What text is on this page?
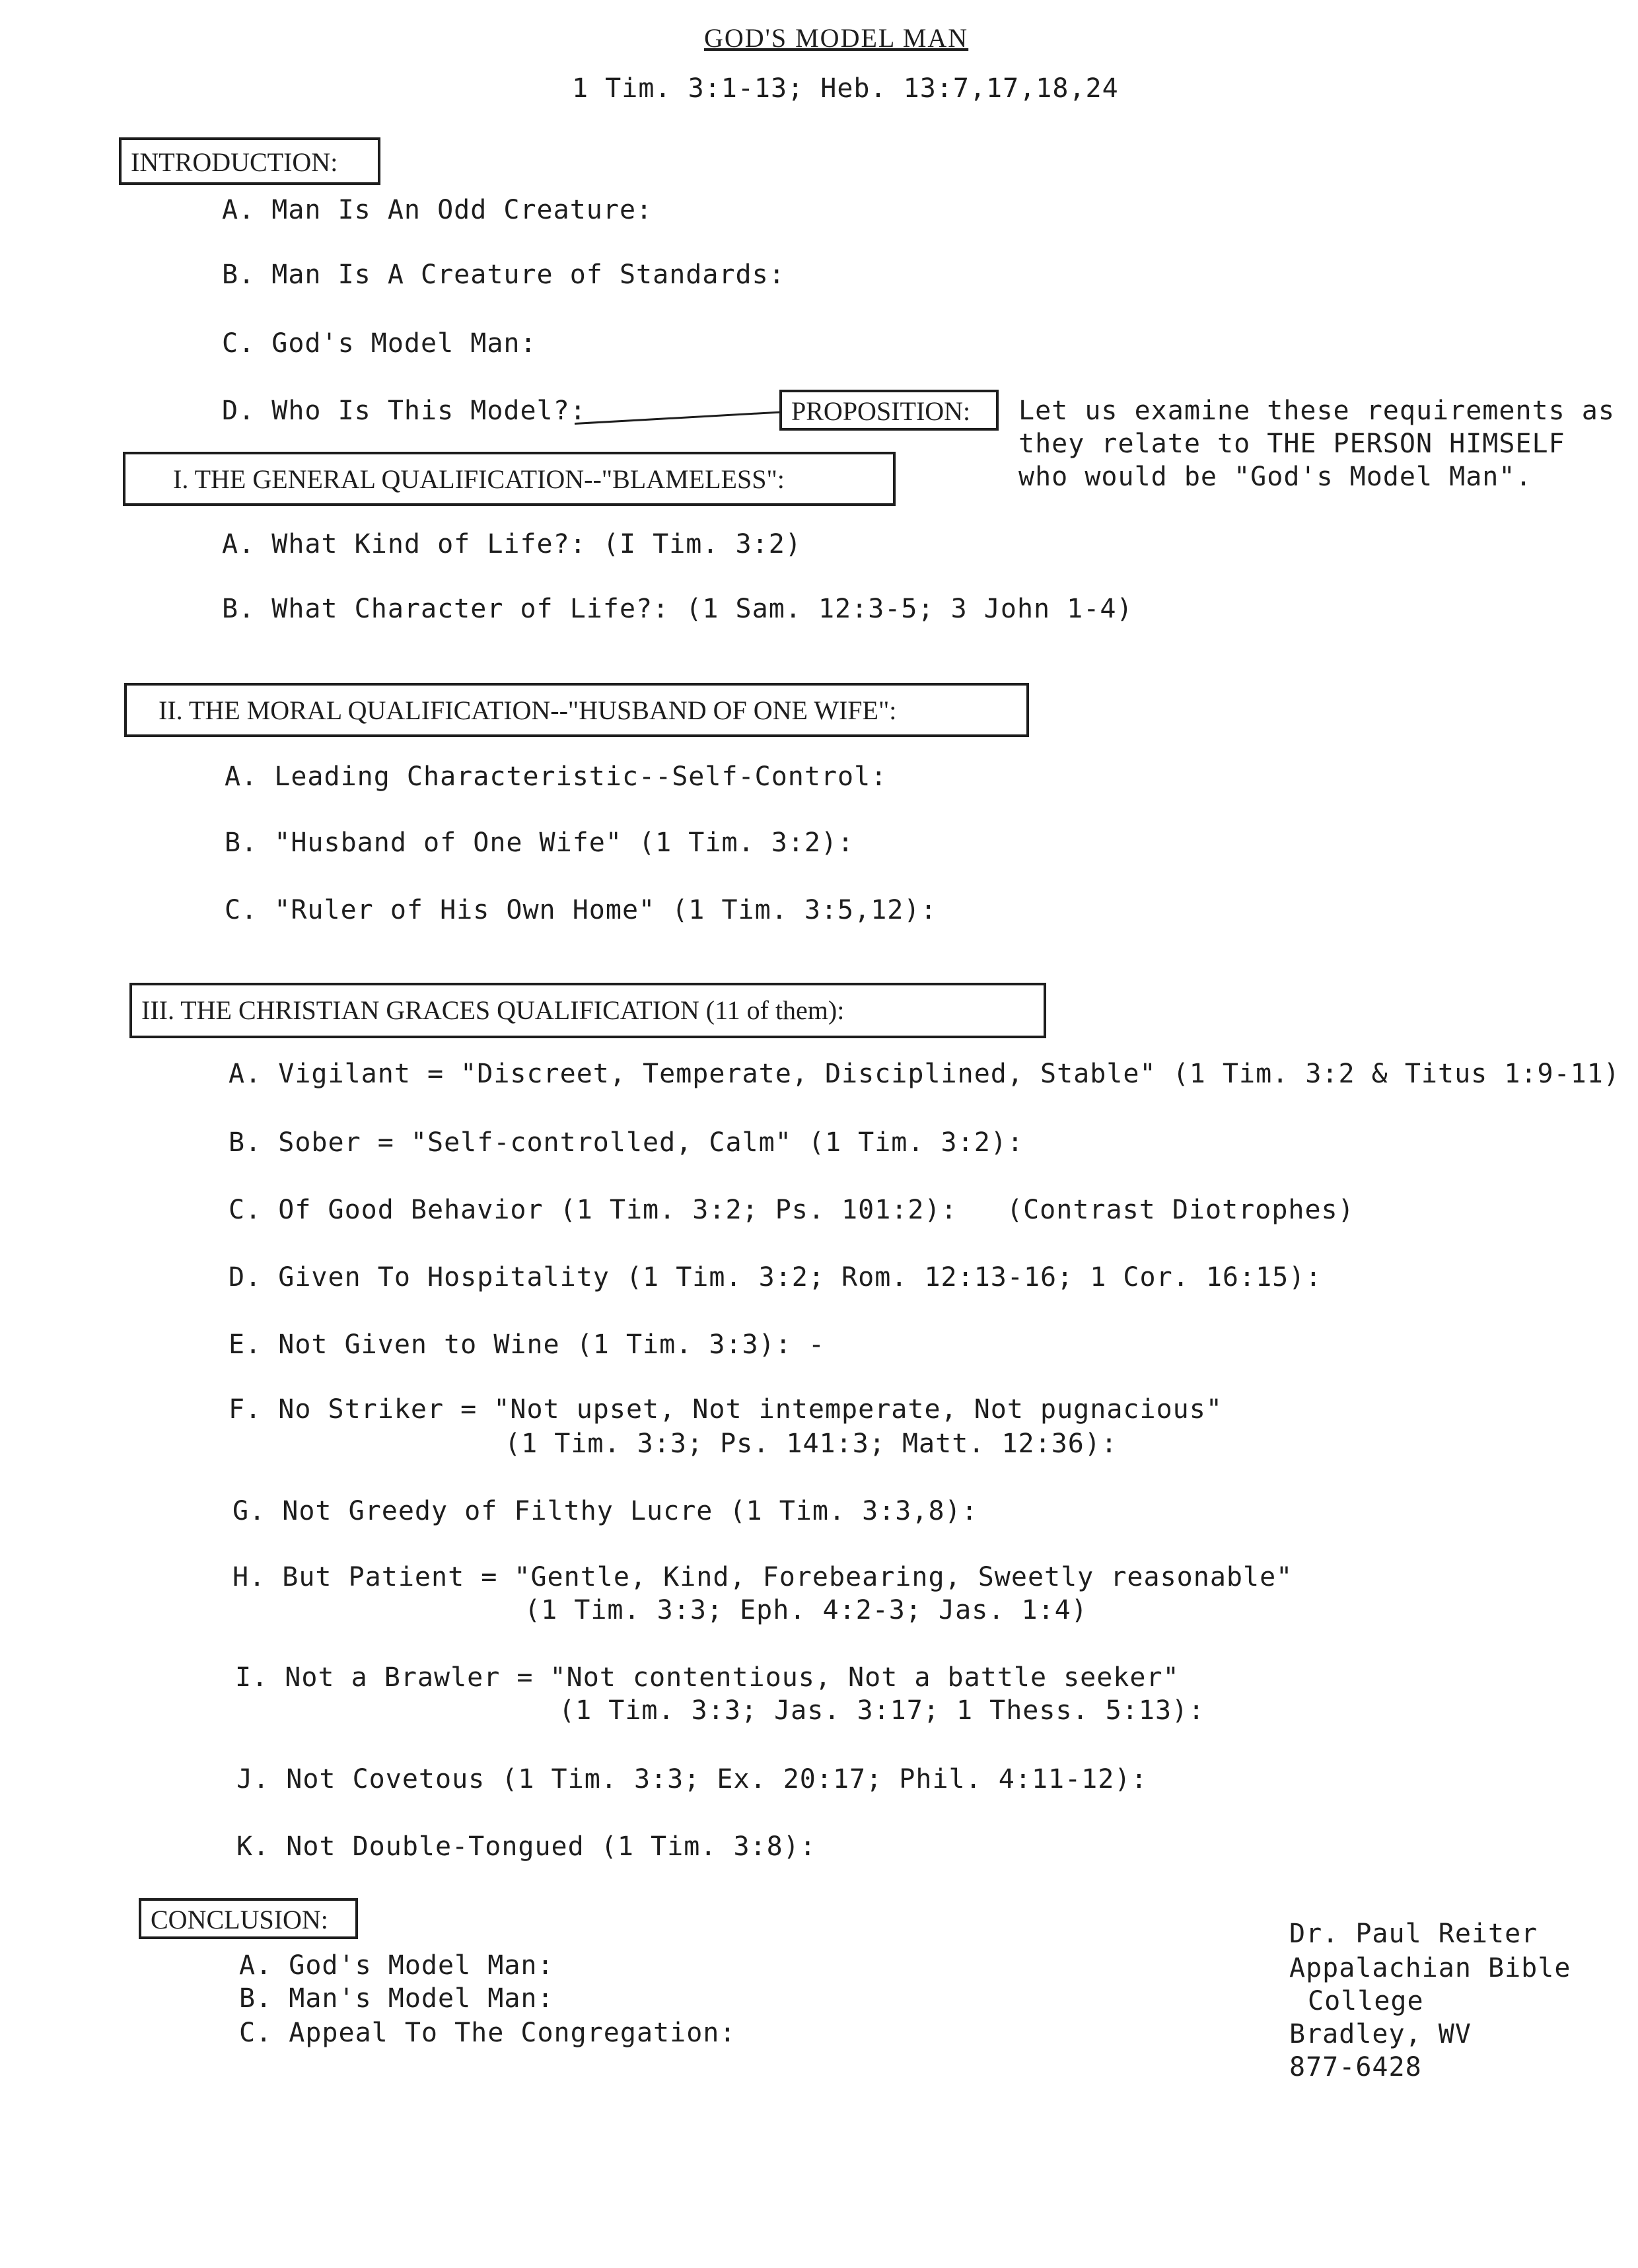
GOD'S MODEL MAN
1 Tim. 3:1-13; Heb. 13:7,17,18,24
INTRODUCTION:
A. Man Is An Odd Creature:
B. Man Is A Creature of Standards:
C. God's Model Man:
D. Who Is This Model?:	PROPOSITION:	Let us examine these requirements as
they relate to THE PERSON HIMSELF
who would be "God's Model Man".
I. THE GENERAL QUALIFICATION--"BLAMELESS":
A. What Kind of Life?: (I Tim. 3:2)
B. What Character of Life?: (1 Sam. 12:3-5; 3 John 1-4)
II. THE MORAL QUALIFICATION--"HUSBAND OF ONE WIFE":
A. Leading Characteristic--Self-Control:
B. "Husband of One Wife" (1 Tim. 3:2):
C. "Ruler of His Own Home" (1 Tim. 3:5,12):
III. THE CHRISTIAN GRACES QUALIFICATION (11 of them):
A. Vigilant = "Discreet, Temperate, Disciplined, Stable" (1 Tim. 3:2 & Titus 1:9-11)
B. Sober = "Self-controlled, Calm" (1 Tim. 3:2):
C. Of Good Behavior (1 Tim. 3:2; Ps. 101:2): (Contrast Diotrophes)
D. Given To Hospitality (1 Tim. 3:2; Rom. 12:13-16; 1 Cor. 16:15):
E. Not Given to Wine (1 Tim. 3:3): -
F. No Striker = "Not upset, Not intemperate, Not pugnacious"
(1 Tim. 3:3; Ps. 141:3; Matt. 12:36):
G. Not Greedy of Filthy Lucre (1 Tim. 3:3,8):
H. But Patient = "Gentle, Kind, Forebearing, Sweetly reasonable"
(1 Tim. 3:3; Eph. 4:2-3; Jas. 1:4)
I. Not a Brawler = "Not contentious, Not a battle seeker"
(1 Tim. 3:3; Jas. 3:17; 1 Thess. 5:13):
J. Not Covetous (1 Tim. 3:3; Ex. 20:17; Phil. 4:11-12):
K. Not Double-Tongued (1 Tim. 3:8):
CONCLUSION:
A. God's Model Man:
B. Man's Model Man:
C. Appeal To The Congregation:
Dr. Paul Reiter
Appalachian Bible
College
Bradley, WV
877-6428
